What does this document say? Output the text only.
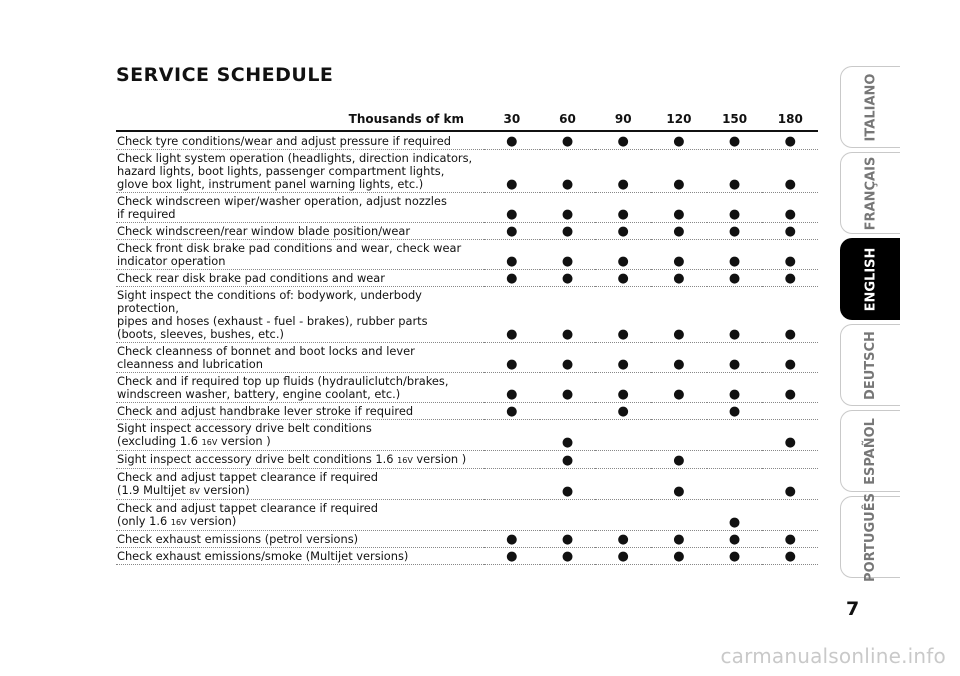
SERVICE SCHEDULE
Thousands of km	30	60	90	120	150	180
Check tyre conditions/wear and adjust pressure if required	●	●	●	●	●	●
Check light system operation (headlights, direction indicators,
hazard lights, boot lights, passenger compartment lights,
glove box light, instrument panel warning lights, etc.)	●	●	●	●	●	●
Check windscreen wiper/washer operation, adjust nozzles
if required	●	●	●	●	●	●
Check windscreen/rear window blade position/wear	●	●	●	●	●	●
Check front disk brake pad conditions and wear, check wear
indicator operation	●	●	●	●	●	●
Check rear disk brake pad conditions and wear	●	●	●	●	●	●
Sight inspect the conditions of: bodywork, underbody protection,
pipes and hoses (exhaust - fuel - brakes), rubber parts
(boots, sleeves, bushes, etc.)	●	●	●	●	●	●
Check cleanness of bonnet and boot locks and lever
cleanness and lubrication	●	●	●	●	●	●
Check and if required top up fluids (hydrauliclutch/brakes,
windscreen washer, battery, engine coolant, etc.)	●	●	●	●	●	●
Check and adjust handbrake lever stroke if required	●		●		●	
Sight inspect accessory drive belt conditions
(excluding 1.6 16V version )		●				●
Sight inspect accessory drive belt conditions 1.6 16V version )		●		●		
Check and adjust tappet clearance if required
(1.9 Multijet 8V version)		●		●		●
Check and adjust tappet clearance if required
(only 1.6 16V version)					●	
Check exhaust emissions (petrol versions)	●	●	●	●	●	●
Check exhaust emissions/smoke (Multijet versions)	●	●	●	●	●	●
ITALIANO
FRANÇAIS
ENGLISH
DEUTSCH
ESPAÑOL
PORTUGUÊS
7
carmanualsonline.info
